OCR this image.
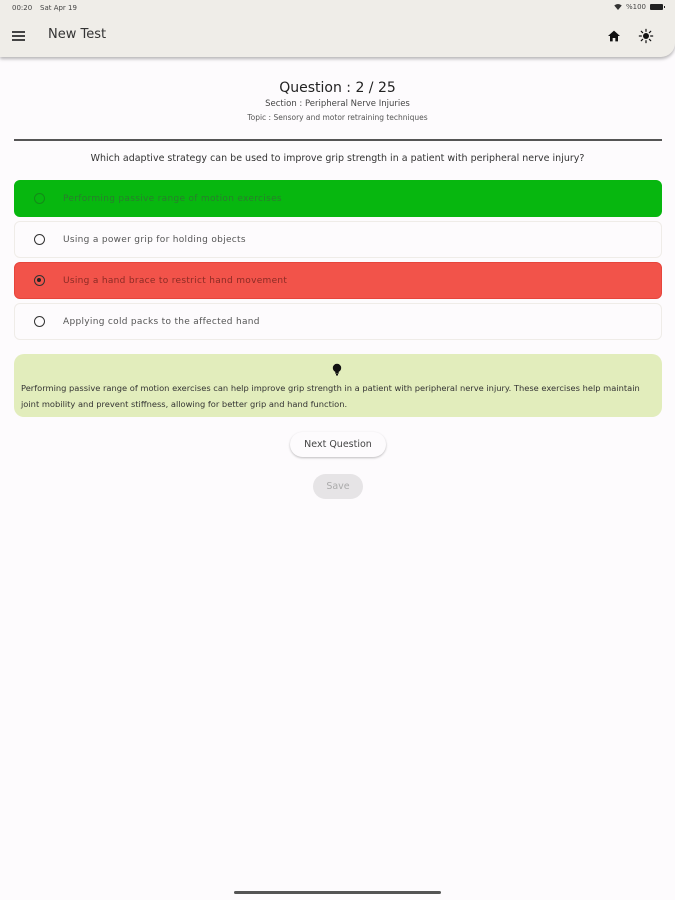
00:20 Sat Apr 19	%100
New Test
Question : 2 / 25
Section : Peripheral Nerve Injuries
Topic : Sensory and motor retraining techniques
Which adaptive strategy can be used to improve grip strength in a patient with peripheral nerve injury?
Performing passive range of motion exercises
Using a power grip for holding objects
Using a hand brace to restrict hand movement
Applying cold packs to the affected hand
Performing passive range of motion exercises can help improve grip strength in a patient with peripheral nerve injury. These exercises help maintain joint mobility and prevent stiffness, allowing for better grip and hand function.
Next Question
Save
